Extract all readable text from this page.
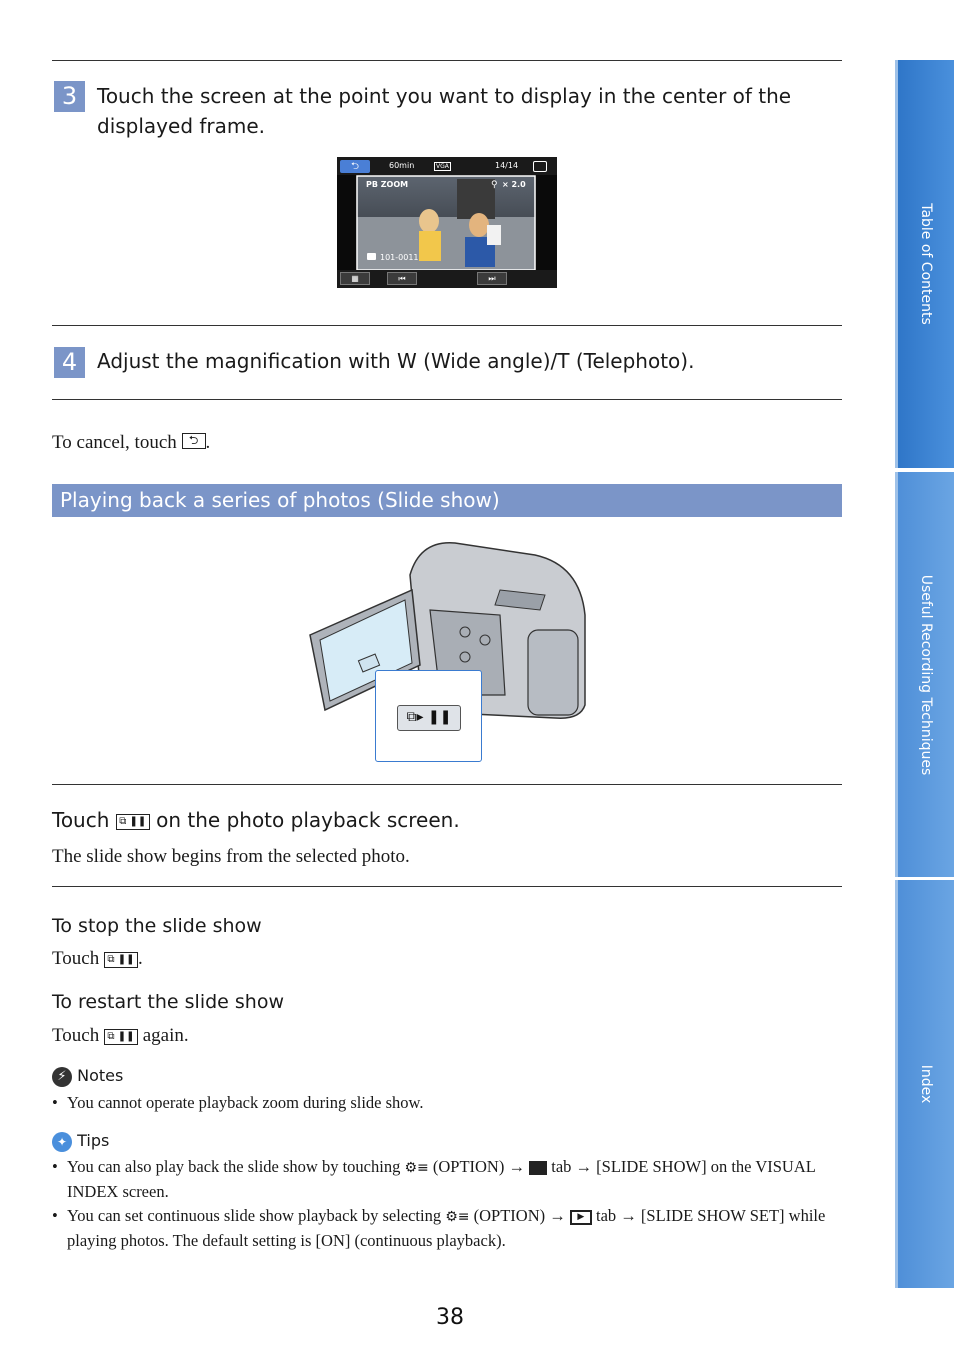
3 Touch the screen at the point you want to display in the center of the displayed frame.
⮌	60min	VGA	14/14
PB ZOOM	× 2.0
⚲
101-0011
▦	⏮	⏭
4 Adjust the magnification with W (Wide angle)/T (Telephoto).
To cancel, touch ⮌ .
Playing back a series of photos (Slide show)
⧉▸ ❚❚
Touch ⧉ ❚❚ on the photo playback screen.
The slide show begins from the selected photo.
To stop the slide show
Touch ⧉ ❚❚ .
To restart the slide show
Touch ⧉ ❚❚ again.
⚡ Notes
• You cannot operate playback zoom during slide show.
✦ Tips
• You can also play back the slide show by touching ⚙≡ (OPTION) → tab → [SLIDE SHOW] on the VISUAL INDEX screen.
• You can set continuous slide show playback by selecting ⚙≡ (OPTION) → ▶ tab → [SLIDE SHOW SET] while playing photos. The default setting is [ON] (continuous playback).
38
Table of Contents
Useful Recording Techniques
Index
